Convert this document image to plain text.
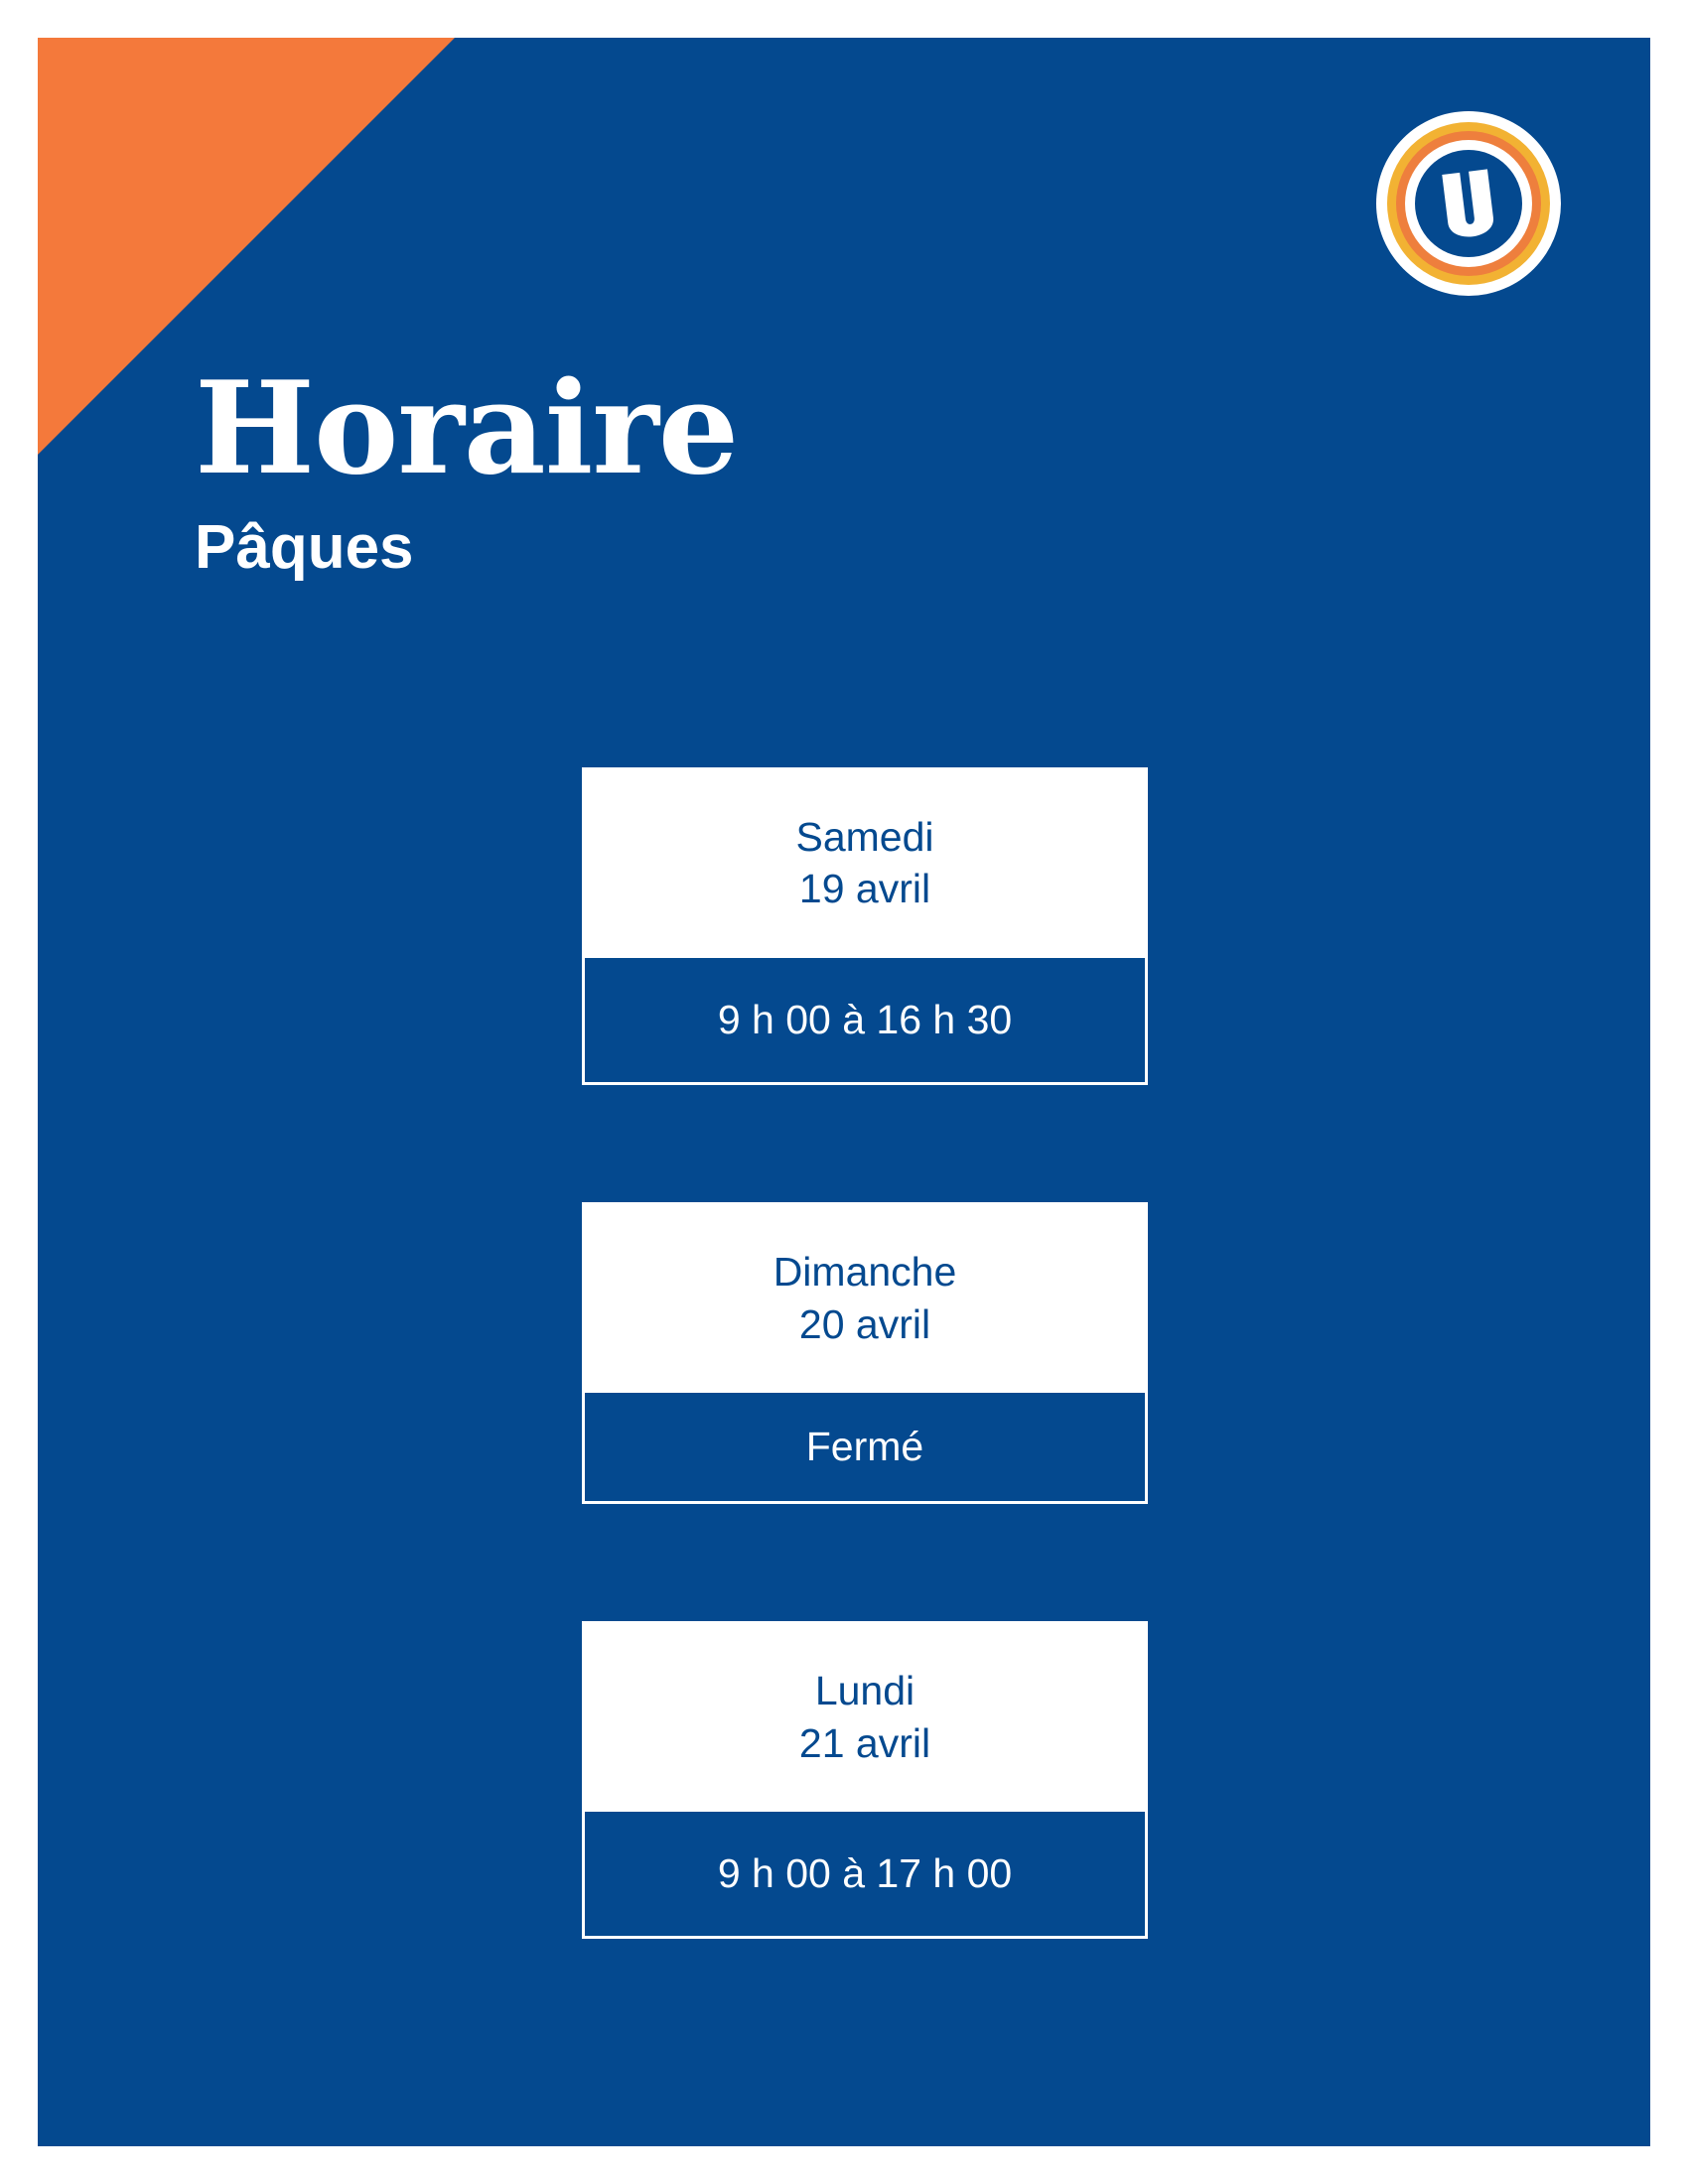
Horaire
Pâques
Samedi
19 avril
9 h 00 à 16 h 30
Dimanche
20 avril
Fermé
Lundi
21 avril
9 h 00 à 17 h 00
